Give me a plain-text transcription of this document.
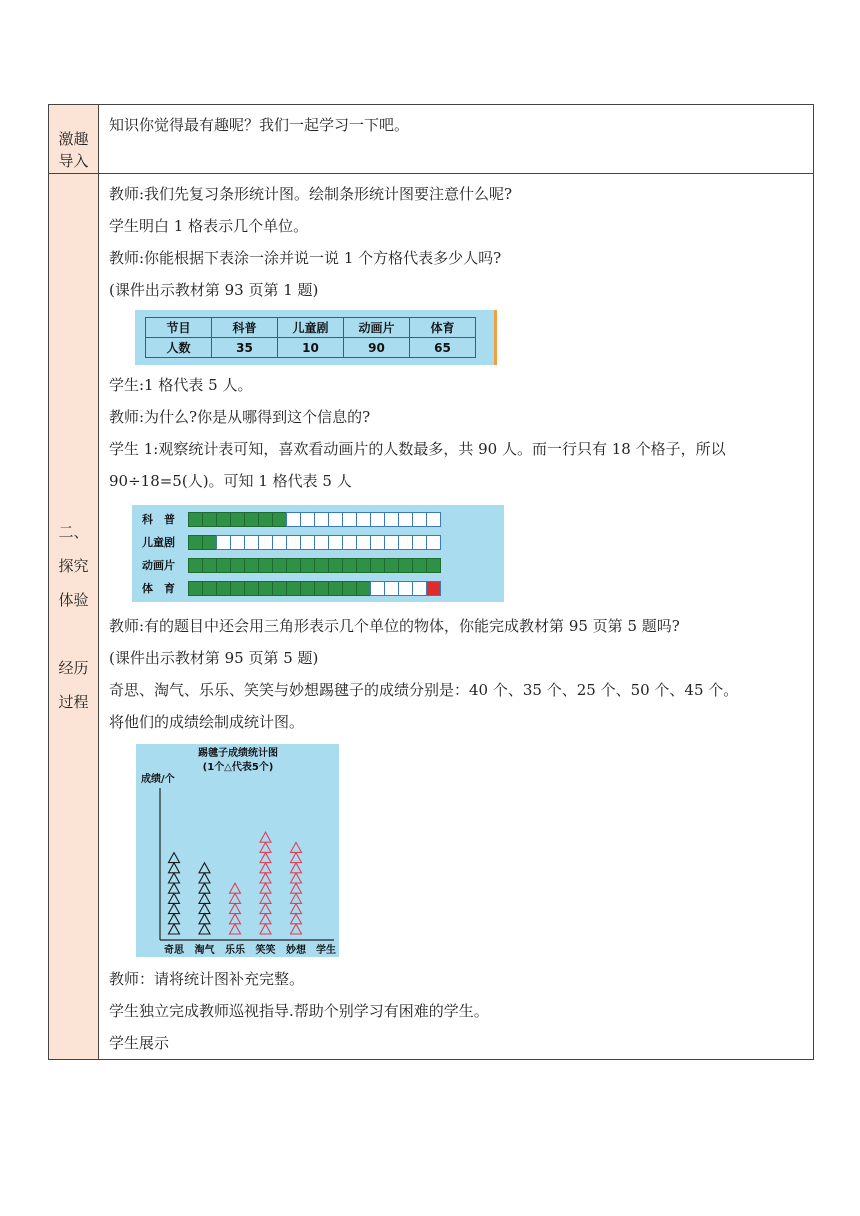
激趣
导入

知识你觉得最有趣呢？我们一起学习一下吧。

二、
探究
体验
经历
过程

教师:我们先复习条形统计图。绘制条形统计图要注意什么呢?

学生明白 1 格表示几个单位。

教师:你能根据下表涂一涂并说一说 1 个方格代表多少人吗?

(课件出示教材第 93 页第 1 题)

节目	科普	儿童剧	动画片	体育
人数	35	10	90	65

学生:1 格代表 5 人。

教师:为什么?你是从哪得到这个信息的?

学生 1:观察统计表可知，喜欢看动画片的人数最多，共 90 人。而一行只有 18 个格子，所以

90÷18=5(人)。可知 1 格代表 5 人

科　普
儿童剧
动画片
体　育

教师:有的题目中还会用三角形表示几个单位的物体，你能完成教材第 95 页第 5 题吗?

(课件出示教材第 95 页第 5 题)

奇思、淘气、乐乐、笑笑与妙想踢毽子的成绩分别是：40 个、35 个、25 个、50 个、45 个。

将他们的成绩绘制成统计图。

踢毽子成绩统计图
(1个△代表5个)
成绩/个
学生
奇思 淘气 乐乐 笑笑 妙想

教师：请将统计图补充完整。

学生独立完成教师巡视指导.帮助个别学习有困难的学生。

学生展示
